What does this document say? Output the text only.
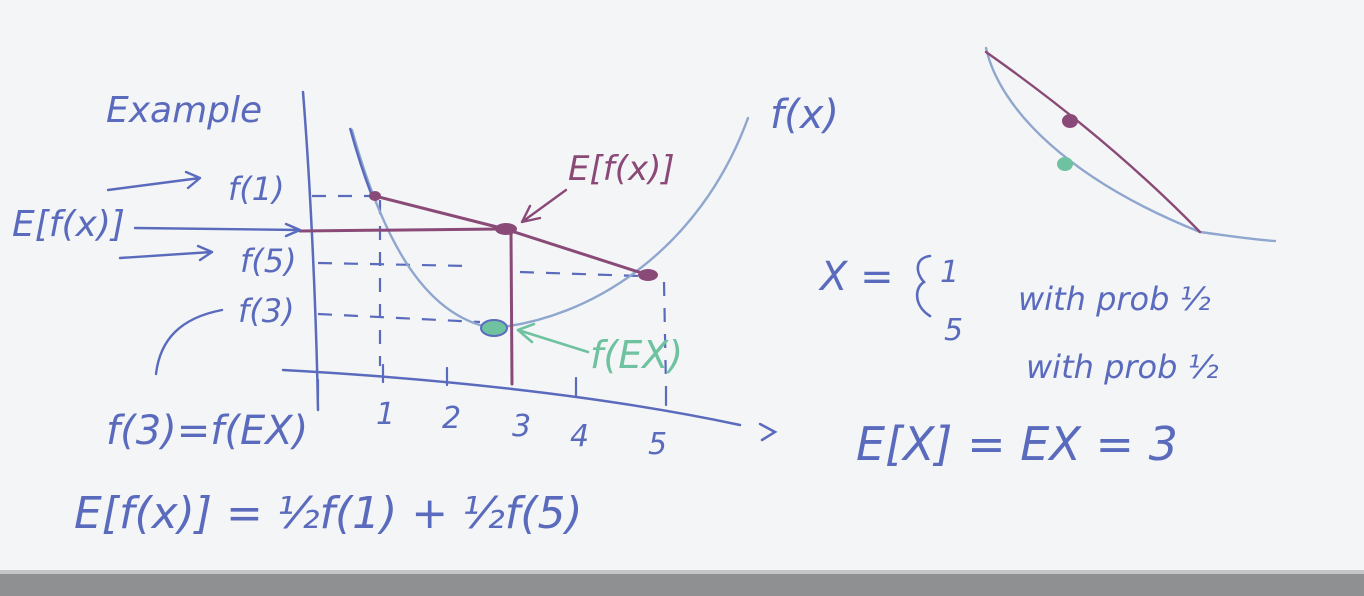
Example
1 2 3 4 5
f(x)
E[f(x)]
f(EX)
f(1)
f(5)
f(3)
E[f(x)]
f(3)=f(EX)
E[f(x)] = ½f(1) + ½f(5)
X = 1
5
with prob ½
with prob ½
E[X] = EX = 3
